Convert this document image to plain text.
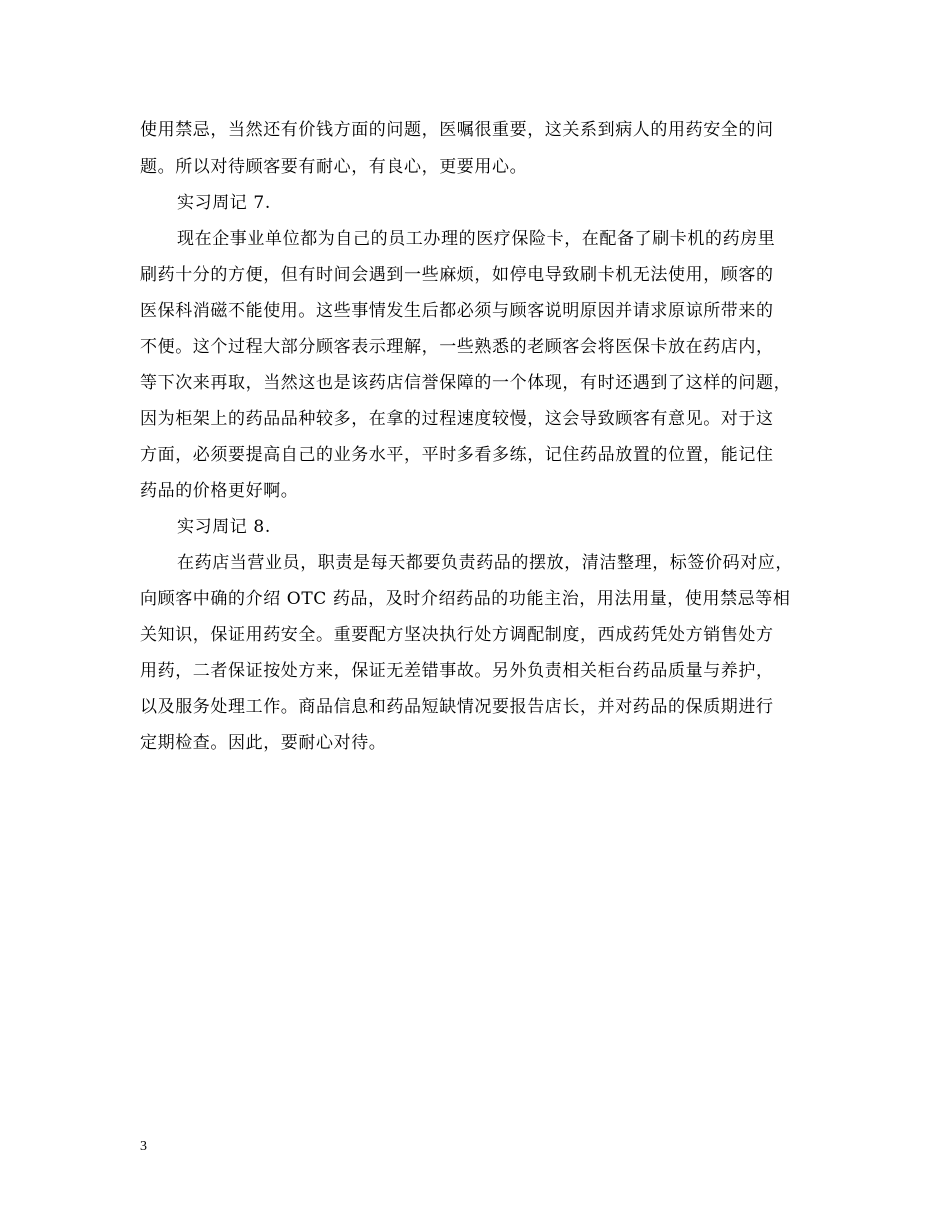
使用禁忌，当然还有价钱方面的问题，医嘱很重要，这关系到病人的用药安全的问
题。所以对待顾客要有耐心，有良心，更要用心。
实习周记 7.
现在企事业单位都为自己的员工办理的医疗保险卡，在配备了刷卡机的药房里
刷药十分的方便，但有时间会遇到一些麻烦，如停电导致刷卡机无法使用，顾客的
医保科消磁不能使用。这些事情发生后都必须与顾客说明原因并请求原谅所带来的
不便。这个过程大部分顾客表示理解，一些熟悉的老顾客会将医保卡放在药店内，
等下次来再取，当然这也是该药店信誉保障的一个体现，有时还遇到了这样的问题，
因为柜架上的药品品种较多，在拿的过程速度较慢，这会导致顾客有意见。对于这
方面，必须要提高自己的业务水平，平时多看多练，记住药品放置的位置，能记住
药品的价格更好啊。
实习周记 8.
在药店当营业员，职责是每天都要负责药品的摆放，清洁整理，标签价码对应，
向顾客中确的介绍 OTC 药品，及时介绍药品的功能主治，用法用量，使用禁忌等相
关知识，保证用药安全。重要配方坚决执行处方调配制度，西成药凭处方销售处方
用药，二者保证按处方来，保证无差错事故。另外负责相关柜台药品质量与养护，
以及服务处理工作。商品信息和药品短缺情况要报告店长，并对药品的保质期进行
定期检查。因此，要耐心对待。
3
